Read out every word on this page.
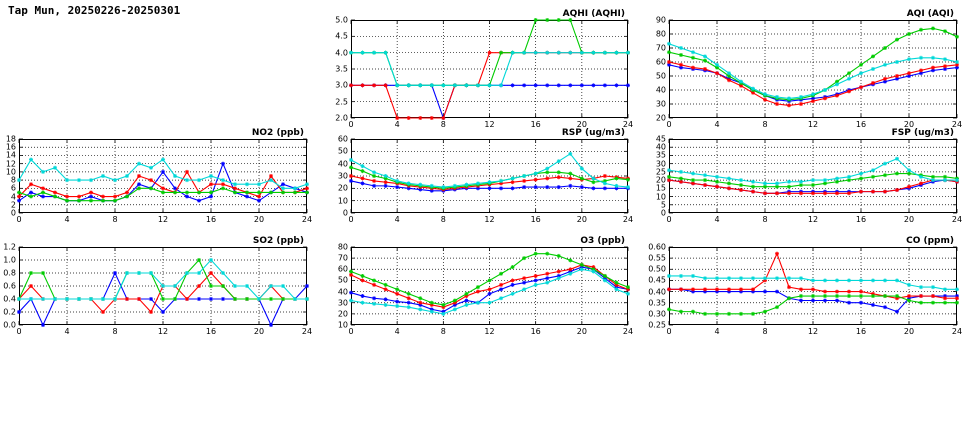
Tap Mun, 20250226-20250301	AQHI (AQHI)
2.0
2.5
3.0
3.5
4.0
4.5
5.0
0	4	8	12	16	20	24
AQI (AQI)
20
30
40
50
60
70
80
90
0	4	8	12	16	20	24
NO2 (ppb)
0
2
4
6
8
10
12
14
16
18
0	4	8	12	16	20	24
RSP (ug/m3)
0
10
20
30
40
50
60
0	4	8	12	16	20	24
FSP (ug/m3)
0
5
10
15
20
25
30
35
40
45
0	4	8	12	16	20	24
SO2 (ppb)
0.0
0.2
0.4
0.6
0.8
1.0
1.2
0	4	8	12	16	20	24
O3 (ppb)
10
20
30
40
50
60
70
80
0	4	8	12	16	20	24
CO (ppm)
0.25
0.30
0.35
0.40
0.45
0.50
0.55
0.60
0	4	8	12	16	20	24
